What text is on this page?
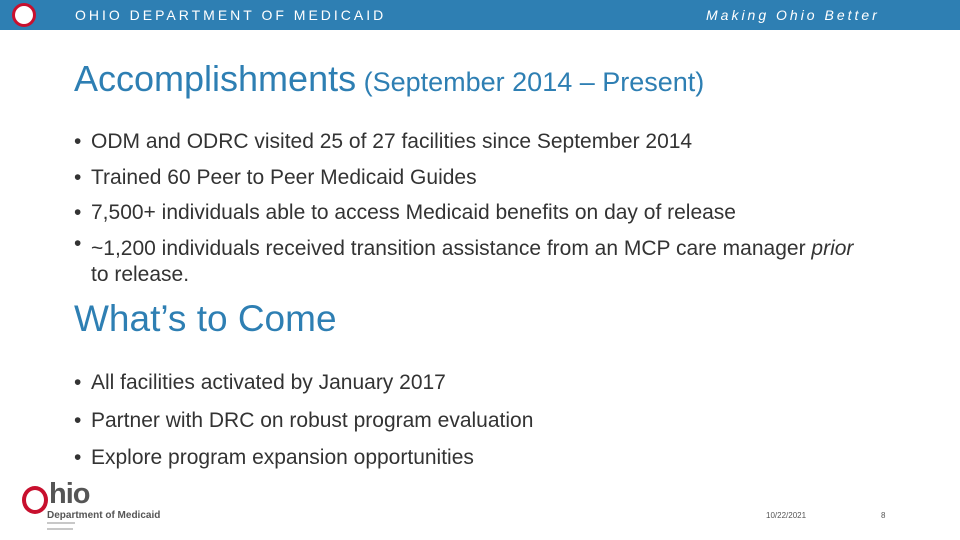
OHIO DEPARTMENT OF MEDICAID	Making Ohio Better
Accomplishments (September 2014 – Present)
• ODM and ODRC visited 25 of 27 facilities since September 2014
• Trained 60 Peer to Peer Medicaid Guides
• 7,500+ individuals able to access Medicaid benefits on day of release
• ~1,200 individuals received transition assistance from an MCP care manager prior to release.
What’s to Come
• All facilities activated by January 2017
• Partner with DRC on robust program evaluation
• Explore program expansion opportunities
hio
Department of Medicaid	10/22/2021	8
